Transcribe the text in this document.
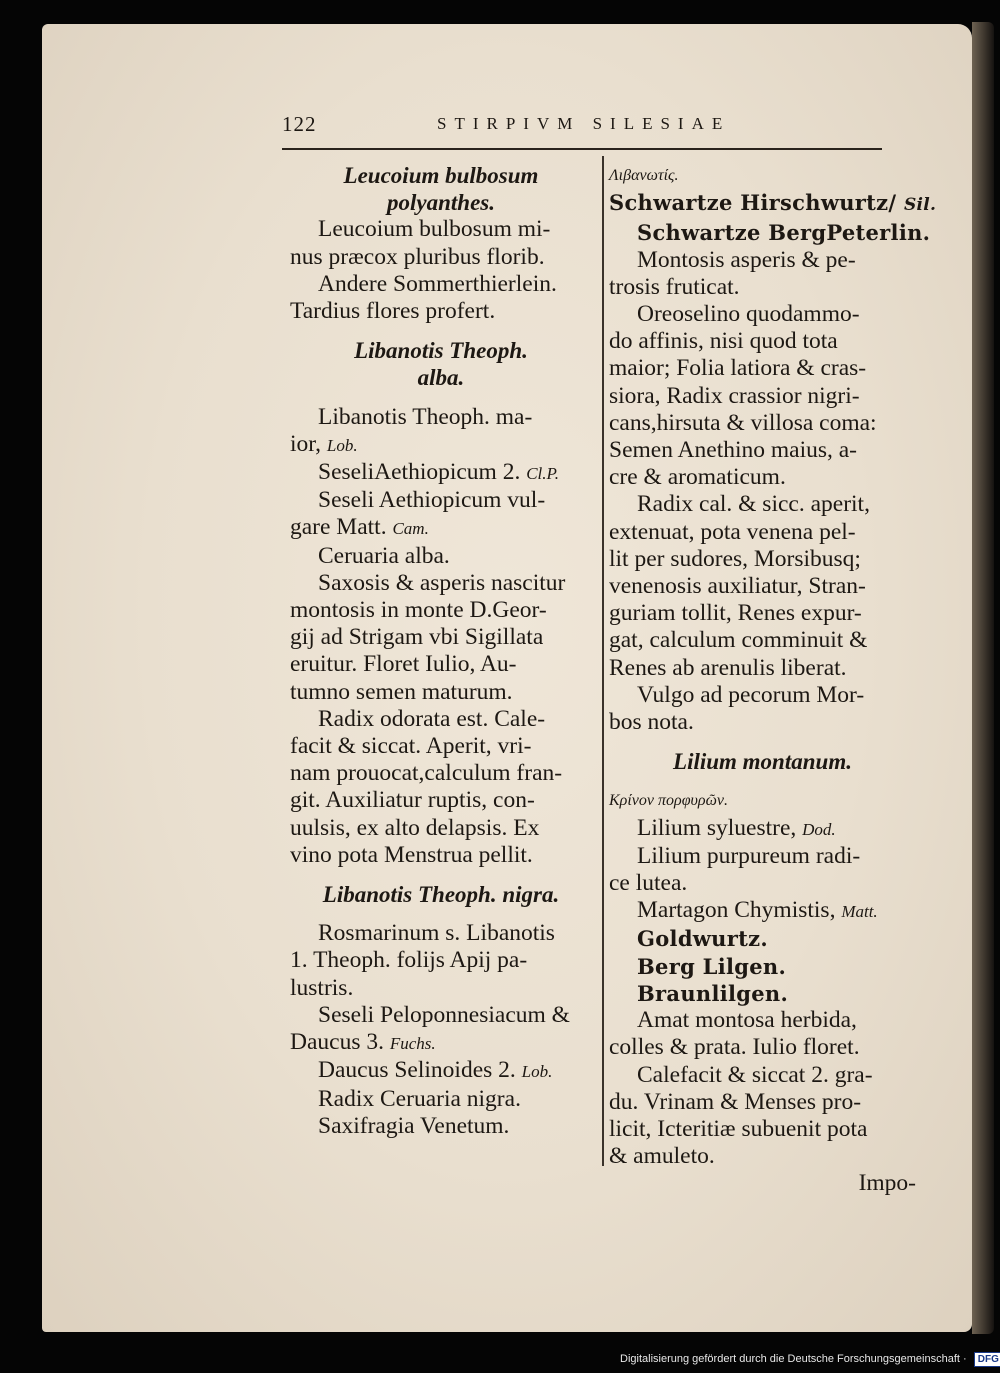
122	STIRPIVM SILESIAE
Leucoium bulbosum
polyanthes.
Leucoium bulbosum mi-
nus præcox pluribus florib.
Andere Sommerthierlein.
Tardius flores profert.
Libanotis Theoph.
alba.
Libanotis Theoph. ma-
ior, Lob.
SeseliAethiopicum 2. Cl.P.
Seseli Aethiopicum vul-
gare Matt. Cam.
Ceruaria alba.
Saxosis & asperis nascitur
montosis in monte D.Geor-
gij ad Strigam vbi Sigillata
eruitur. Floret Iulio, Au-
tumno semen maturum.
Radix odorata est. Cale-
facit & siccat. Aperit, vri-
nam prouocat,calculum fran-
git. Auxiliatur ruptis, con-
uulsis, ex alto delapsis. Ex
vino pota Menstrua pellit.
Libanotis Theoph. nigra.
Rosmarinum s. Libanotis
1. Theoph. folijs Apij pa-
lustris.
Seseli Peloponnesiacum &
Daucus 3. Fuchs.
Daucus Selinoides 2. Lob.
Radix Ceruaria nigra.
Saxifragia Venetum.
Λιβανωτίς.
Schwartze Hirschwurtz/ Sil.
Schwartze BergPeterlin.
Montosis asperis & pe-
trosis fruticat.
Oreoselino quodammo-
do affinis, nisi quod tota
maior; Folia latiora & cras-
siora, Radix crassior nigri-
cans,hirsuta & villosa coma:
Semen Anethino maius, a-
cre & aromaticum.
Radix cal. & sicc. aperit,
extenuat, pota venena pel-
lit per sudores, Morsibusq;
venenosis auxiliatur, Stran-
guriam tollit, Renes expur-
gat, calculum comminuit &
Renes ab arenulis liberat.
Vulgo ad pecorum Mor-
bos nota.
Lilium montanum.
Κρίνον πορφυρῶν.
Lilium syluestre, Dod.
Lilium purpureum radi-
ce lutea.
Martagon Chymistis, Matt.
Goldwurtz.
Berg Lilgen.
Braunlilgen.
Amat montosa herbida,
colles & prata. Iulio floret.
Calefacit & siccat 2. gra-
du. Vrinam & Menses pro-
licit, Icteritiæ subuenit pota
& amuleto.
Impo-
Digitalisierung gefördert durch die Deutsche Forschungsgemeinschaft · DFG
